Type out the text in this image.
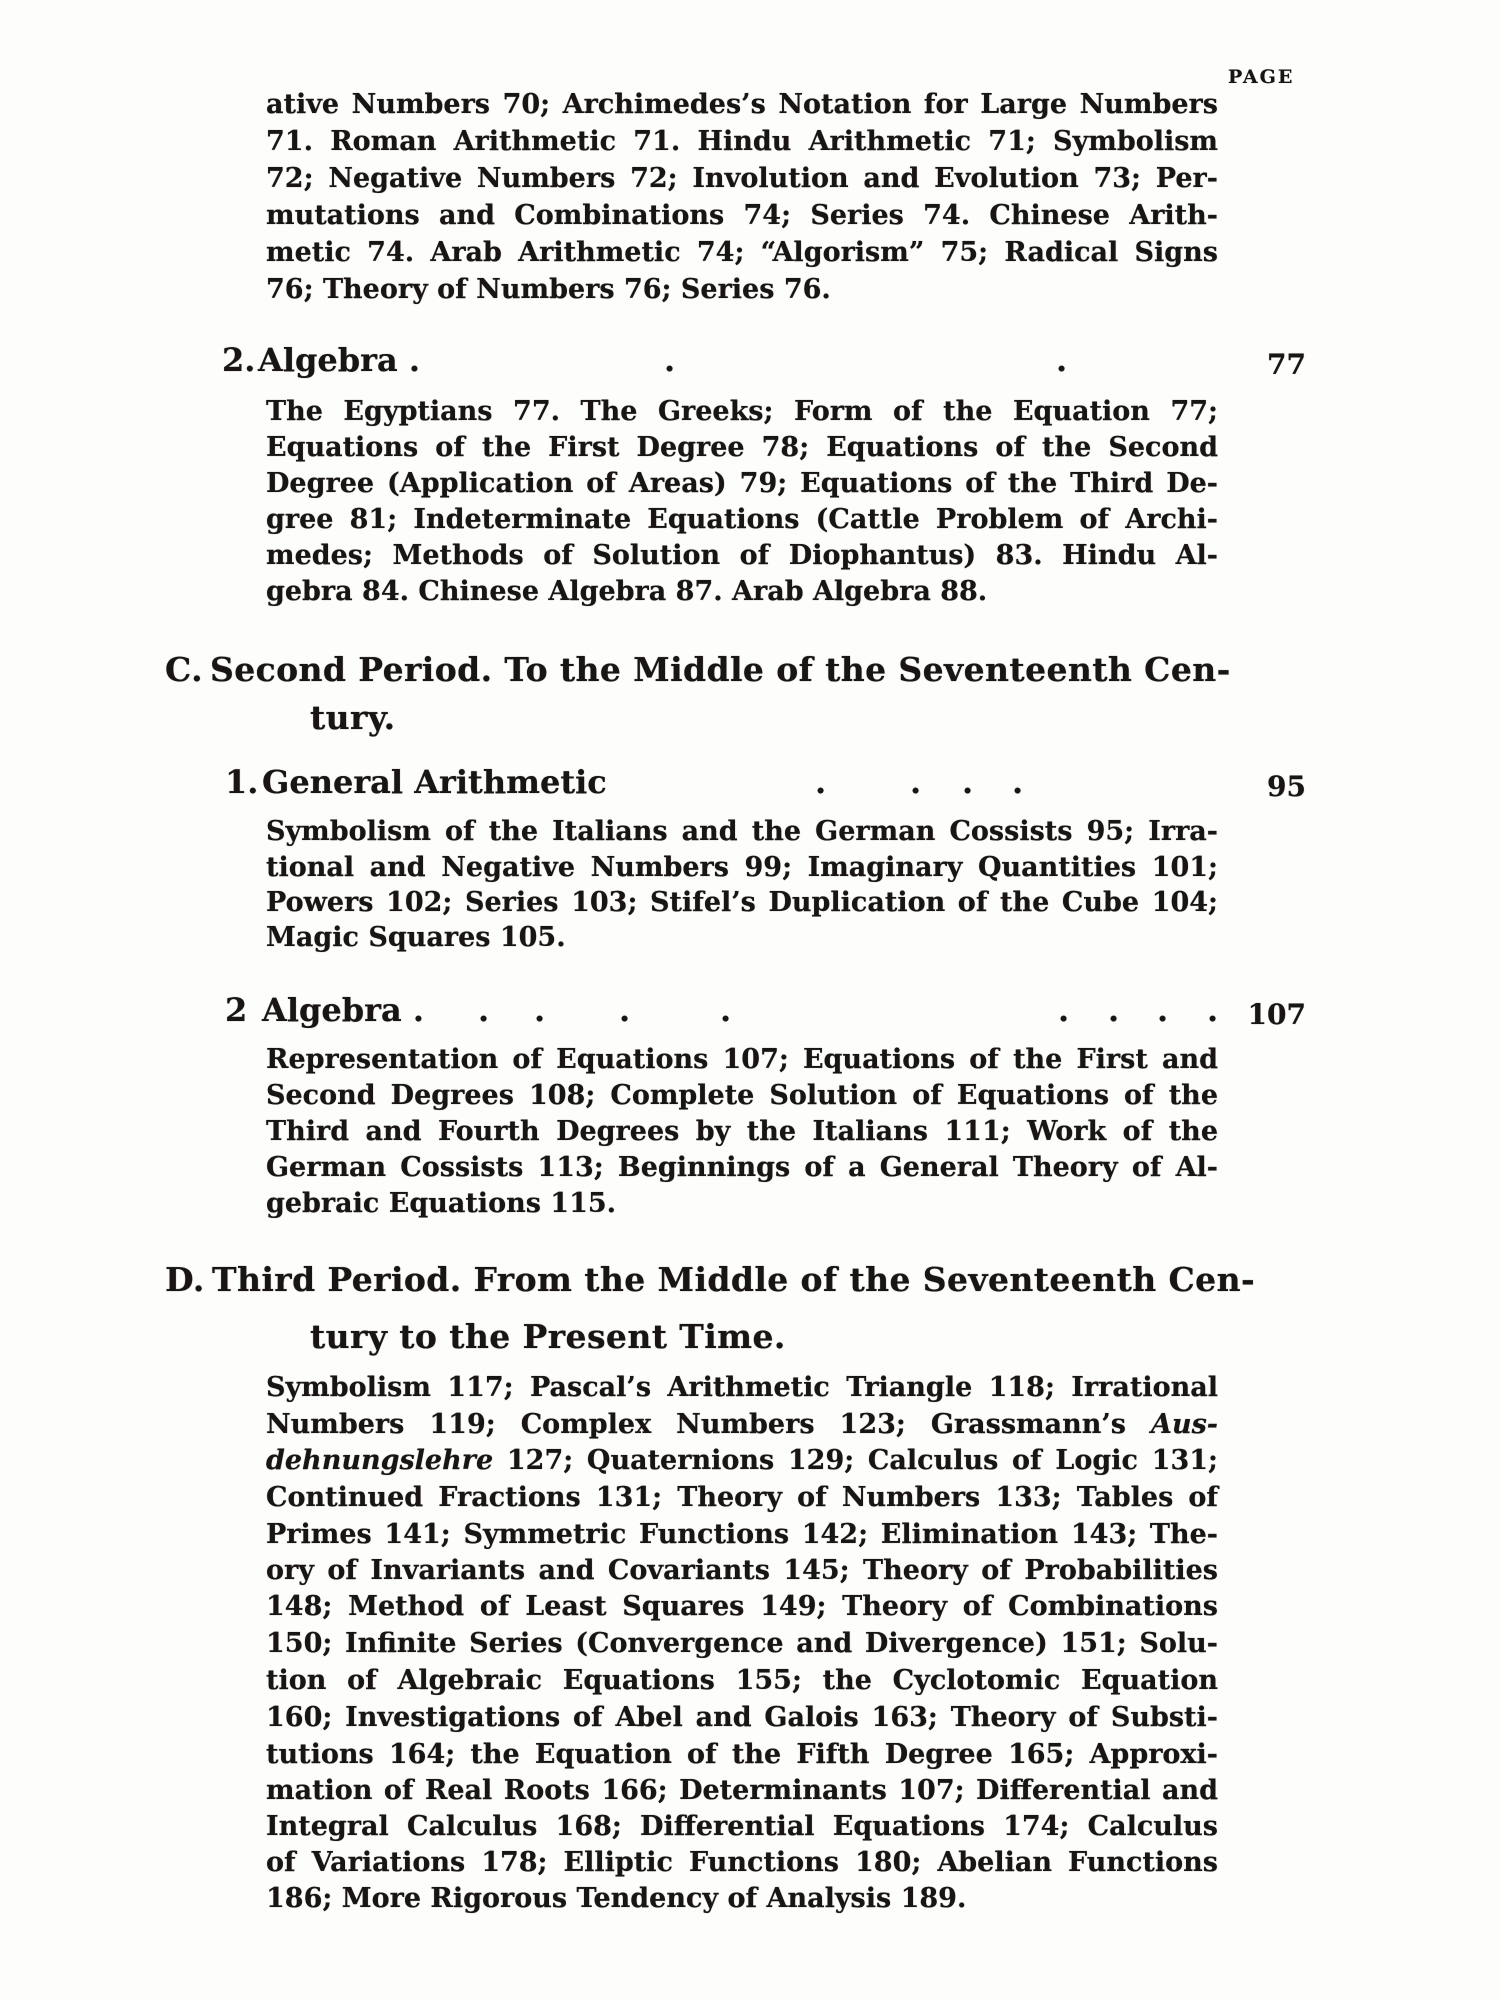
PAGE
ative Numbers 70; Archimedes’s Notation for Large Numbers
71. Roman Arithmetic 71. Hindu Arithmetic 71; Symbolism
72; Negative Numbers 72; Involution and Evolution 73; Per-
mutations and Combinations 74; Series 74. Chinese Arith-
metic 74. Arab Arithmetic 74; “Algorism” 75; Radical Signs
76; Theory of Numbers 76; Series 76.
2. Algebra .	.	.	77
The Egyptians 77. The Greeks; Form of the Equation 77;
Equations of the First Degree 78; Equations of the Second
Degree (Application of Areas) 79; Equations of the Third De-
gree 81; Indeterminate Equations (Cattle Problem of Archi-
medes; Methods of Solution of Diophantus) 83. Hindu Al-
gebra 84. Chinese Algebra 87. Arab Algebra 88.
C. Second Period. To the Middle of the Seventeenth Cen-
tury.
1. General Arithmetic	.	. . .	95
Symbolism of the Italians and the German Cossists 95; Irra-
tional and Negative Numbers 99; Imaginary Quantities 101;
Powers 102; Series 103; Stifel’s Duplication of the Cube 104;
Magic Squares 105.
2 Algebra . . . .	.	. . . .	107
Representation of Equations 107; Equations of the First and
Second Degrees 108; Complete Solution of Equations of the
Third and Fourth Degrees by the Italians 111; Work of the
German Cossists 113; Beginnings of a General Theory of Al-
gebraic Equations 115.
D. Third Period. From the Middle of the Seventeenth Cen-
tury to the Present Time.
Symbolism 117; Pascal’s Arithmetic Triangle 118; Irrational
Numbers 119; Complex Numbers 123; Grassmann’s Aus-
dehnungslehre 127; Quaternions 129; Calculus of Logic 131;
Continued Fractions 131; Theory of Numbers 133; Tables of
Primes 141; Symmetric Functions 142; Elimination 143; The-
ory of Invariants and Covariants 145; Theory of Probabilities
148; Method of Least Squares 149; Theory of Combinations
150; Infinite Series (Convergence and Divergence) 151; Solu-
tion of Algebraic Equations 155; the Cyclotomic Equation
160; Investigations of Abel and Galois 163; Theory of Substi-
tutions 164; the Equation of the Fifth Degree 165; Approxi-
mation of Real Roots 166; Determinants 107; Differential and
Integral Calculus 168; Differential Equations 174; Calculus
of Variations 178; Elliptic Functions 180; Abelian Functions
186; More Rigorous Tendency of Analysis 189.
